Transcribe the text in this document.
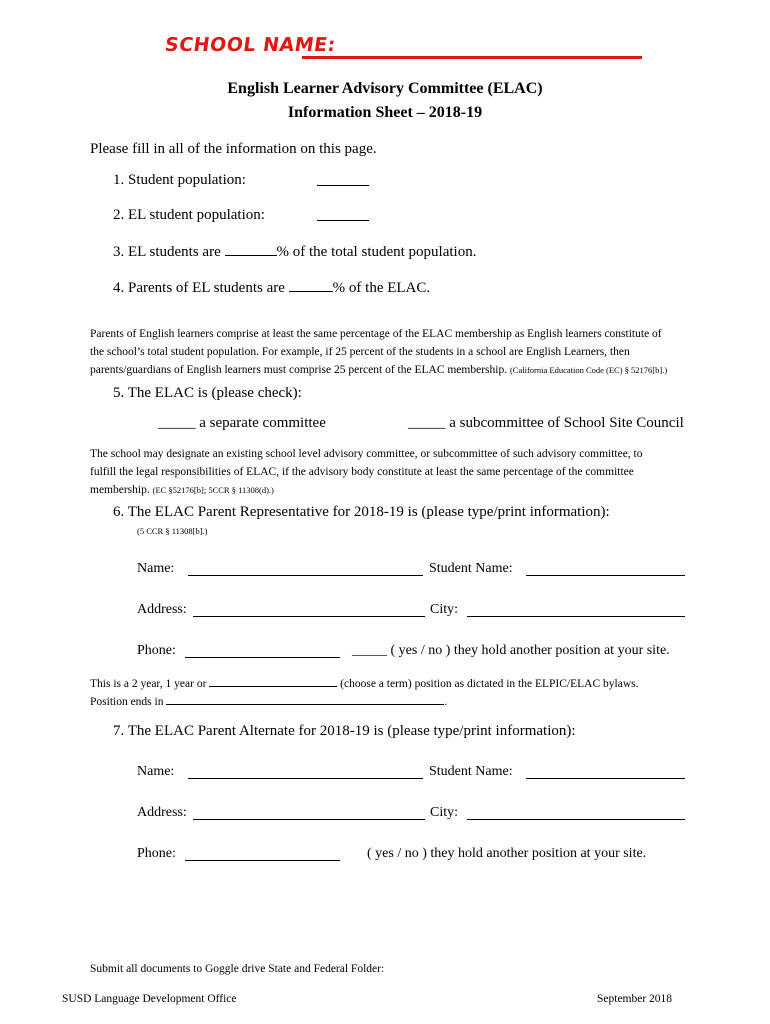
SCHOOL NAME:
English Learner Advisory Committee (ELAC)
Information Sheet – 2018-19
Please fill in all of the information on this page.
1. Student population:
2. EL student population:
3. EL students are	% of the total student population.
4. Parents of EL students are	% of the ELAC.
Parents of English learners comprise at least the same percentage of the ELAC membership as English learners constitute of
the school’s total student population. For example, if 25 percent of the students in a school are English Learners, then
parents/guardians of English learners must comprise 25 percent of the ELAC membership. (California Education Code (EC) § 52176[b].)
5. The ELAC is (please check):
_____ a separate committee	_____ a subcommittee of School Site Council
The school may designate an existing school level advisory committee, or subcommittee of such advisory committee, to
fulfill the legal responsibilities of ELAC, if the advisory body constitute at least the same percentage of the committee
membership. (EC §52176[b]; 5CCR § 11308(d).)
6. The ELAC Parent Representative for 2018-19 is (please type/print information):
(5 CCR § 11308[b].)
Name:	Student Name:
Address:	City:
Phone:	_____ ( yes / no ) they hold another position at your site.
This is a 2 year, 1 year or	(choose a term) position as dictated in the ELPIC/ELAC bylaws.
Position ends in	.
7. The ELAC Parent Alternate for 2018-19 is (please type/print information):
Name:	Student Name:
Address:	City:
Phone:	( yes / no ) they hold another position at your site.
Submit all documents to Goggle drive State and Federal Folder:
SUSD Language Development Office	September 2018
